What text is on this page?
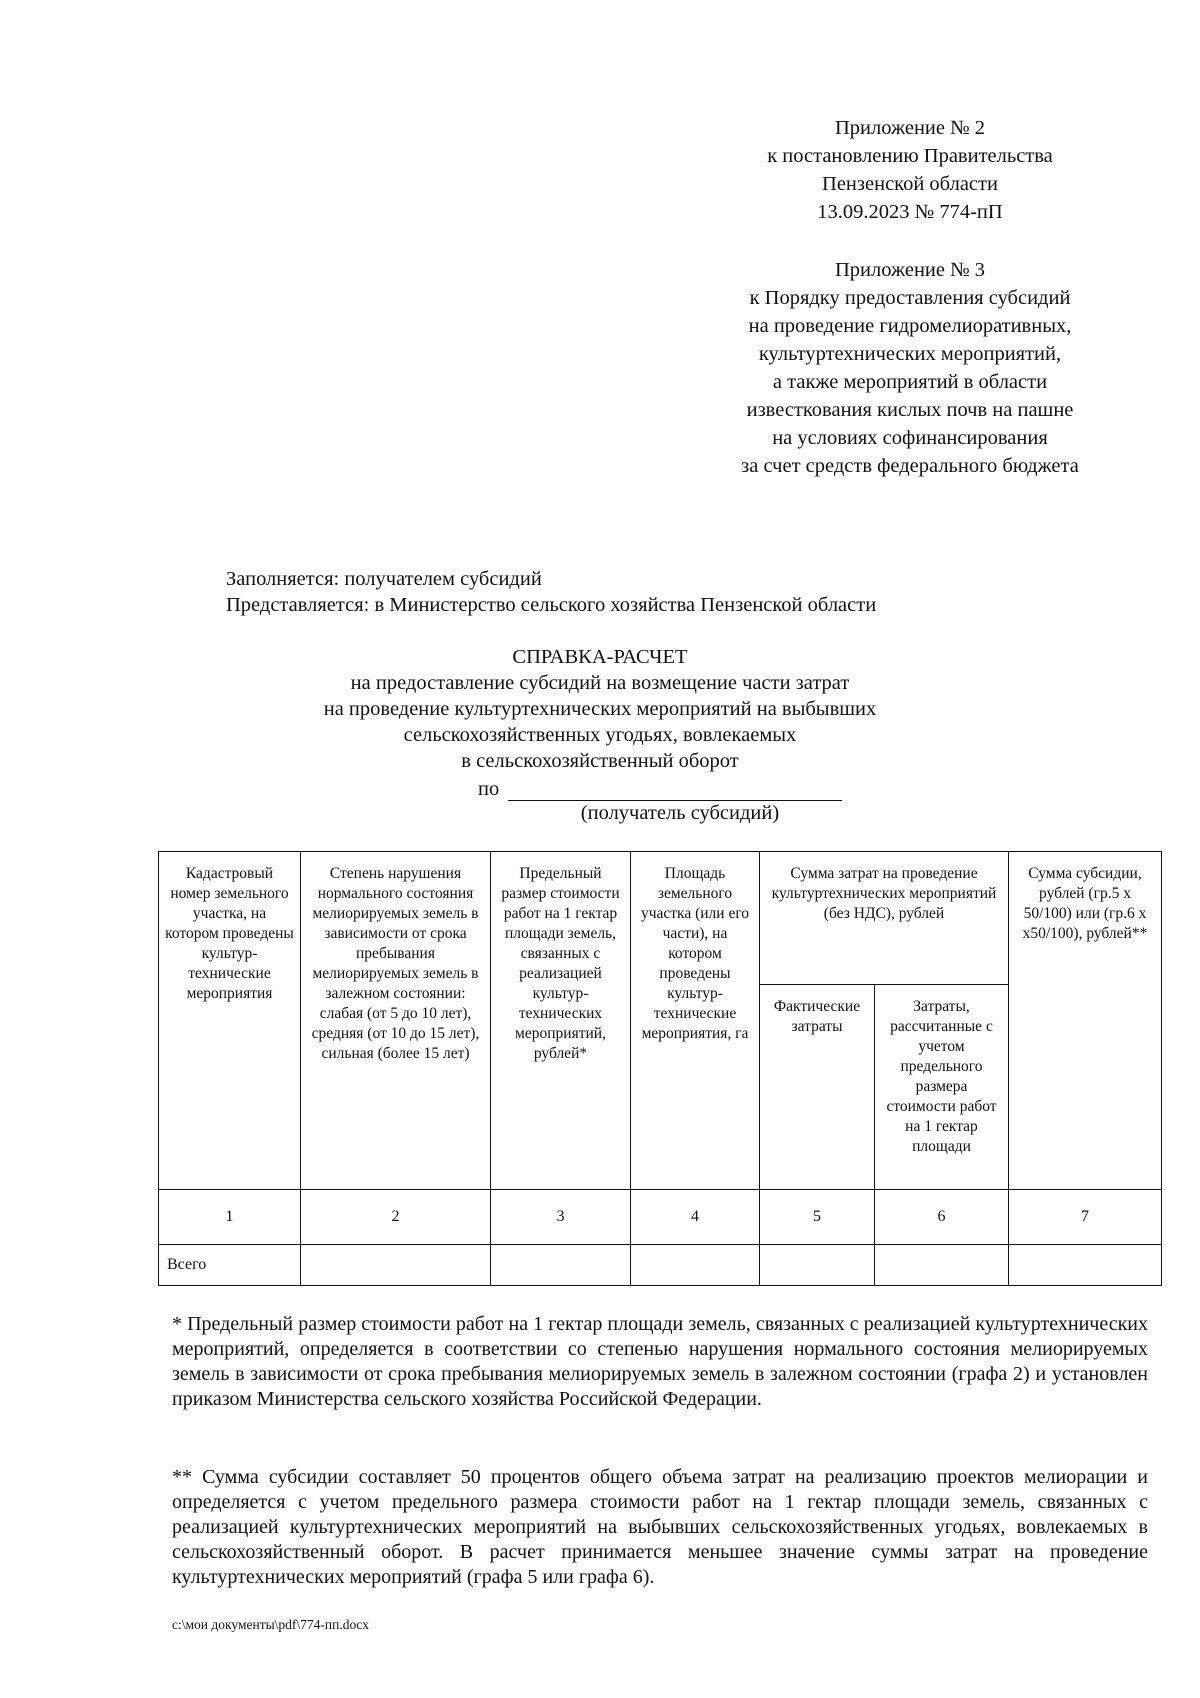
Приложение № 2
к постановлению Правительства
Пензенской области
13.09.2023 № 774-пП
Приложение № 3
к Порядку предоставления субсидий
на проведение гидромелиоративных,
культуртехнических мероприятий,
а также мероприятий в области
известкования кислых почв на пашне
на условиях софинансирования
за счет средств федерального бюджета
Заполняется: получателем субсидий
Представляется: в Министерство сельского хозяйства Пензенской области
СПРАВКА-РАСЧЕТ
на предоставление субсидий на возмещение части затрат
на проведение культуртехнических мероприятий на выбывших
сельскохозяйственных угодьях, вовлекаемых
в сельскохозяйственный оборот
по
(получатель субсидий)
Кадастровый номер земельного участка, на котором проведены культур-технические мероприятия	Степень нарушения нормального состояния мелиорируемых земель в зависимости от срока пребывания мелиорируемых земель в залежном состоянии: слабая (от 5 до 10 лет), средняя (от 10 до 15 лет), сильная (более 15 лет)	Предельный размер стоимости работ на 1 гектар площади земель, связанных с реализацией культур-технических мероприятий, рублей*	Площадь земельного участка (или его части), на котором проведены культур-технические мероприятия, га	Сумма затрат на проведение культуртехнических мероприятий (без НДС), рублей		Сумма субсидии, рублей (гр.5 x 50/100) или (гр.6 x x50/100), рублей**
				Фактические затраты	Затраты, рассчитанные с учетом предельного размера стоимости работ на 1 гектар площади	
1	2	3	4	5	6	7
Всего						
* Предельный размер стоимости работ на 1 гектар площади земель, связанных с реализацией культуртехнических мероприятий, определяется в соответствии со степенью нарушения нормального состояния мелиорируемых земель в зависимости от срока пребывания мелиорируемых земель в залежном состоянии (графа 2) и установлен приказом Министерства сельского хозяйства Российской Федерации.
** Сумма субсидии составляет 50 процентов общего объема затрат на реализацию проектов мелиорации и определяется с учетом предельного размера стоимости работ на 1 гектар площади земель, связанных с реализацией культуртехнических мероприятий на выбывших сельскохозяйственных угодьях, вовлекаемых в сельскохозяйственный оборот. В расчет принимается меньшее значение суммы затрат на проведение культуртехнических мероприятий (графа 5 или графа 6).
c:\мои документы\pdf\774-пп.docx
